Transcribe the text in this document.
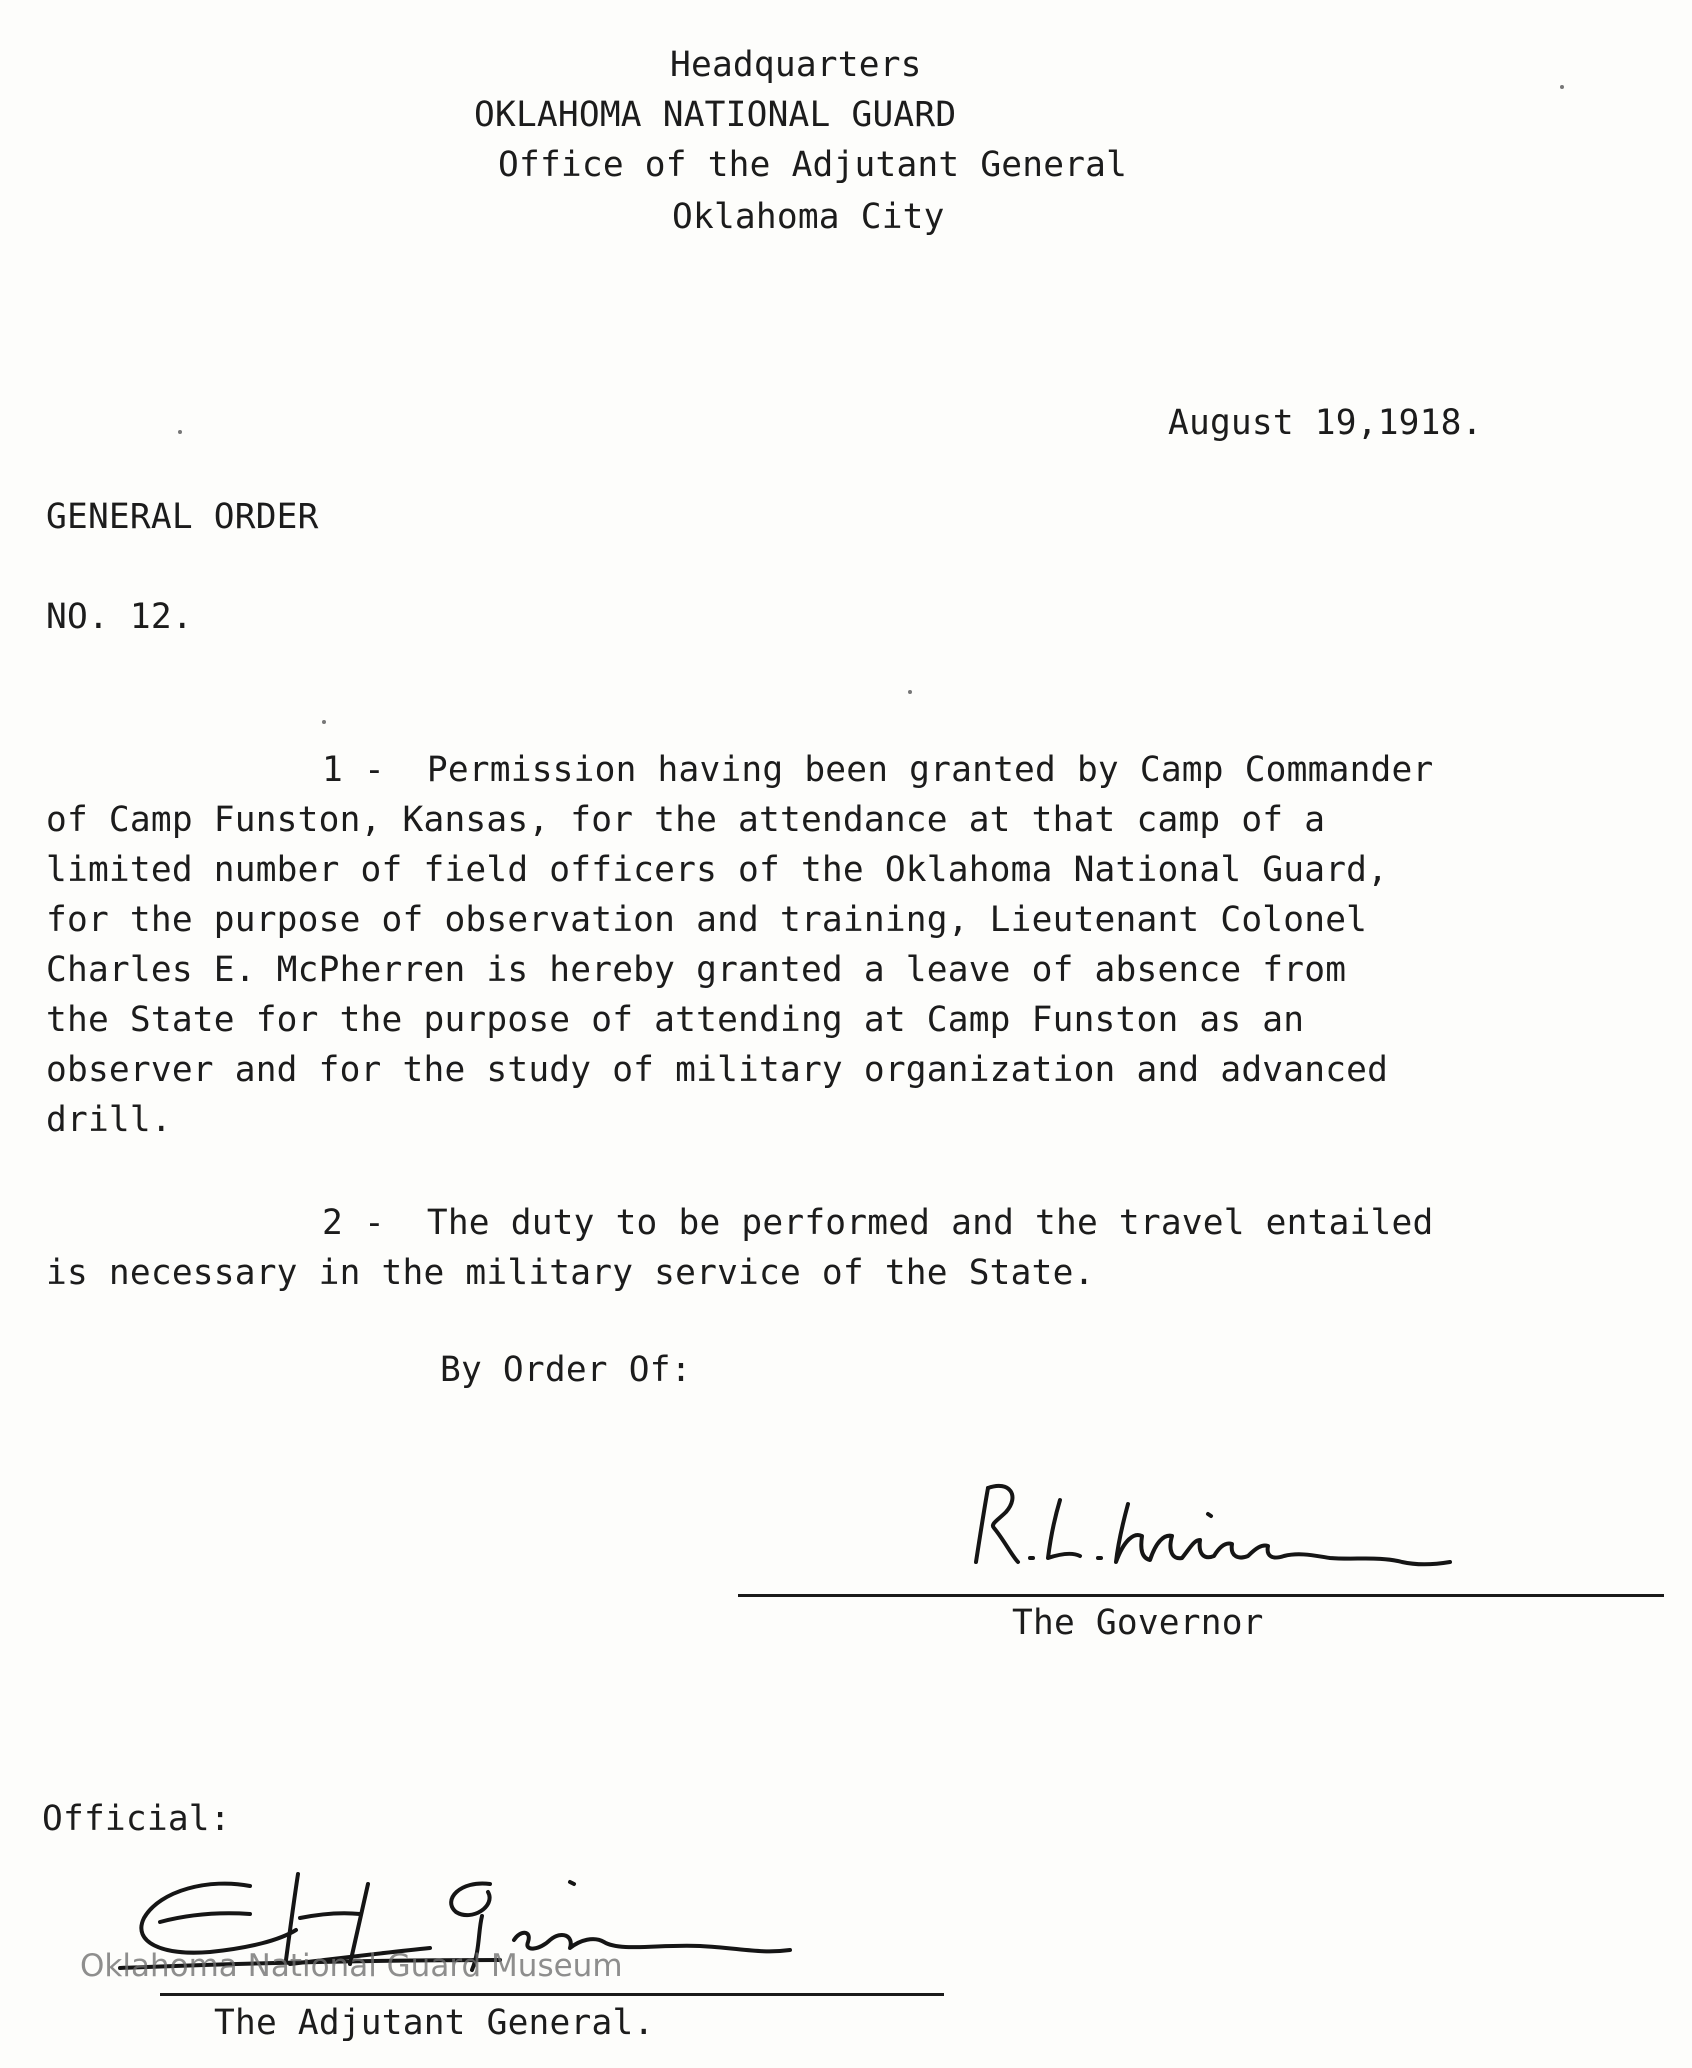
Headquarters
OKLAHOMA NATIONAL GUARD
Office of the Adjutant General
Oklahoma City
August 19,1918.
GENERAL ORDER
NO. 12.
1 -  Permission having been granted by Camp Commander
of Camp Funston, Kansas, for the attendance at that camp of a
limited number of field officers of the Oklahoma National Guard,
for the purpose of observation and training, Lieutenant Colonel
Charles E. McPherren is hereby granted a leave of absence from
the State for the purpose of attending at Camp Funston as an
observer and for the study of military organization and advanced
drill.
2 -  The duty to be performed and the travel entailed
is necessary in the military service of the State.
By Order Of:
The Governor
Official:
The Adjutant General.
Oklahoma National Guard Museum
